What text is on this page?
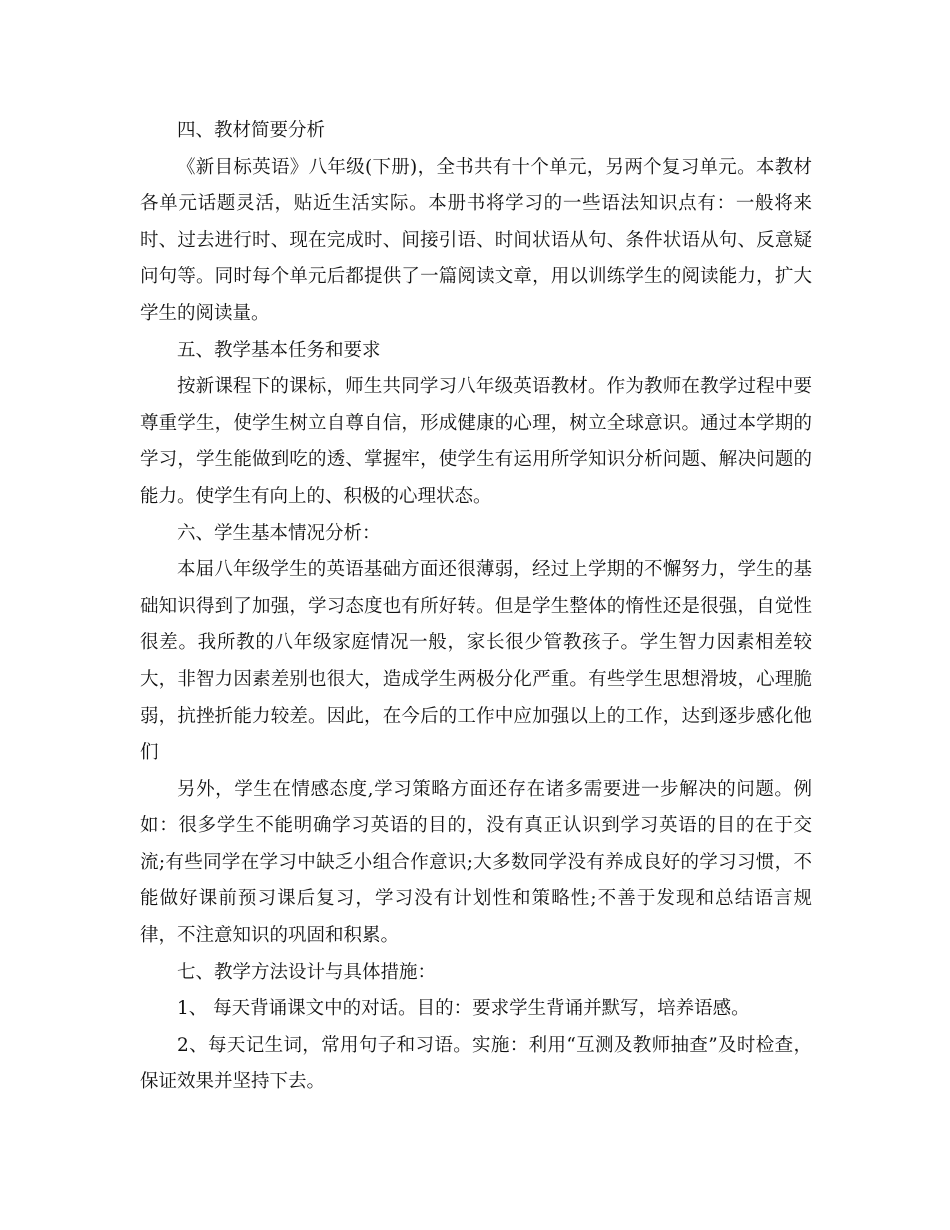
四、教材简要分析

《新目标英语》八年级(下册)，全书共有十个单元，另两个复习单元。本教材各单元话题灵活，贴近生活实际。本册书将学习的一些语法知识点有：一般将来时、过去进行时、现在完成时、间接引语、时间状语从句、条件状语从句、反意疑问句等。同时每个单元后都提供了一篇阅读文章，用以训练学生的阅读能力，扩大学生的阅读量。

五、教学基本任务和要求

按新课程下的课标，师生共同学习八年级英语教材。作为教师在教学过程中要尊重学生，使学生树立自尊自信，形成健康的心理，树立全球意识。通过本学期的学习，学生能做到吃的透、掌握牢，使学生有运用所学知识分析问题、解决问题的能力。使学生有向上的、积极的心理状态。

六、学生基本情况分析：

本届八年级学生的英语基础方面还很薄弱，经过上学期的不懈努力，学生的基础知识得到了加强，学习态度也有所好转。但是学生整体的惰性还是很强，自觉性很差。我所教的八年级家庭情况一般，家长很少管教孩子。学生智力因素相差较大，非智力因素差别也很大，造成学生两极分化严重。有些学生思想滑坡，心理脆弱，抗挫折能力较差。因此，在今后的工作中应加强以上的工作，达到逐步感化他们

另外，学生在情感态度,学习策略方面还存在诸多需要进一步解决的问题。例如：很多学生不能明确学习英语的目的，没有真正认识到学习英语的目的在于交流;有些同学在学习中缺乏小组合作意识;大多数同学没有养成良好的学习习惯，不能做好课前预习课后复习，学习没有计划性和策略性;不善于发现和总结语言规律，不注意知识的巩固和积累。

七、教学方法设计与具体措施：

1、 每天背诵课文中的对话。目的：要求学生背诵并默写，培养语感。

2、每天记生词，常用句子和习语。实施：利用“互测及教师抽查”及时检查，保证效果并坚持下去。
